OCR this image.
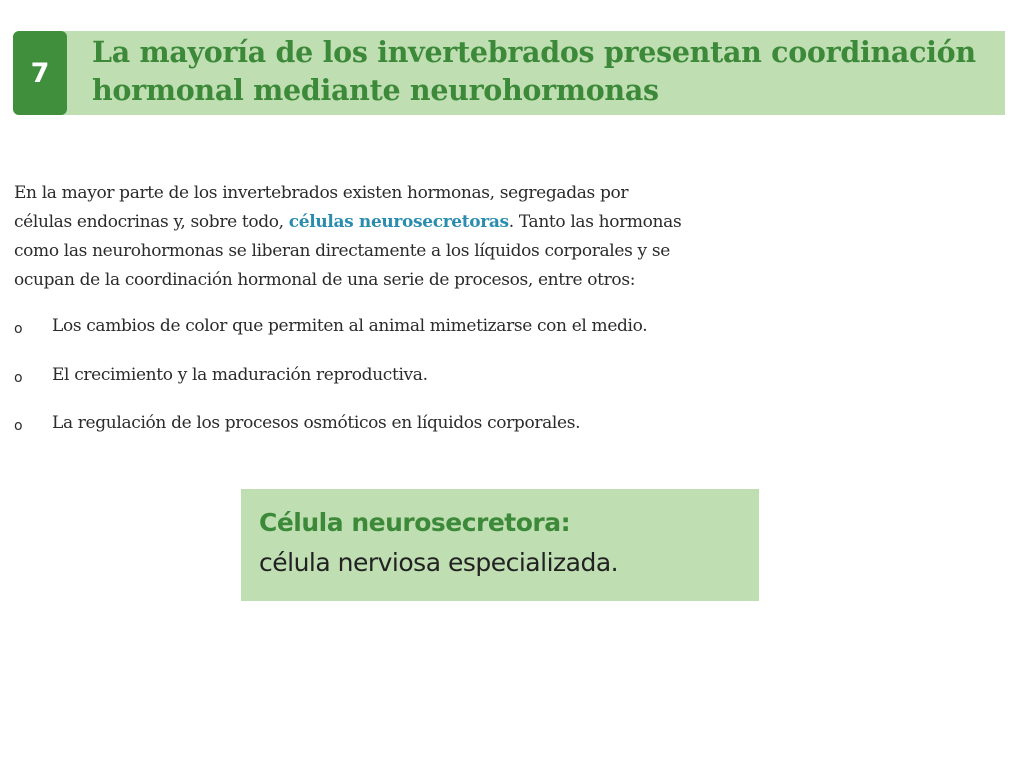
7
La mayoría de los invertebrados presentan coordinación
hormonal mediante neurohormonas
En la mayor parte de los invertebrados existen hormonas, segregadas por
células endocrinas y, sobre todo, células neurosecretoras. Tanto las hormonas
como las neurohormonas se liberan directamente a los líquidos corporales y se
ocupan de la coordinación hormonal de una serie de procesos, entre otros:
o Los cambios de color que permiten al animal mimetizarse con el medio.
o El crecimiento y la maduración reproductiva.
o La regulación de los procesos osmóticos en líquidos corporales.
Célula neurosecretora:
célula nerviosa especializada.
